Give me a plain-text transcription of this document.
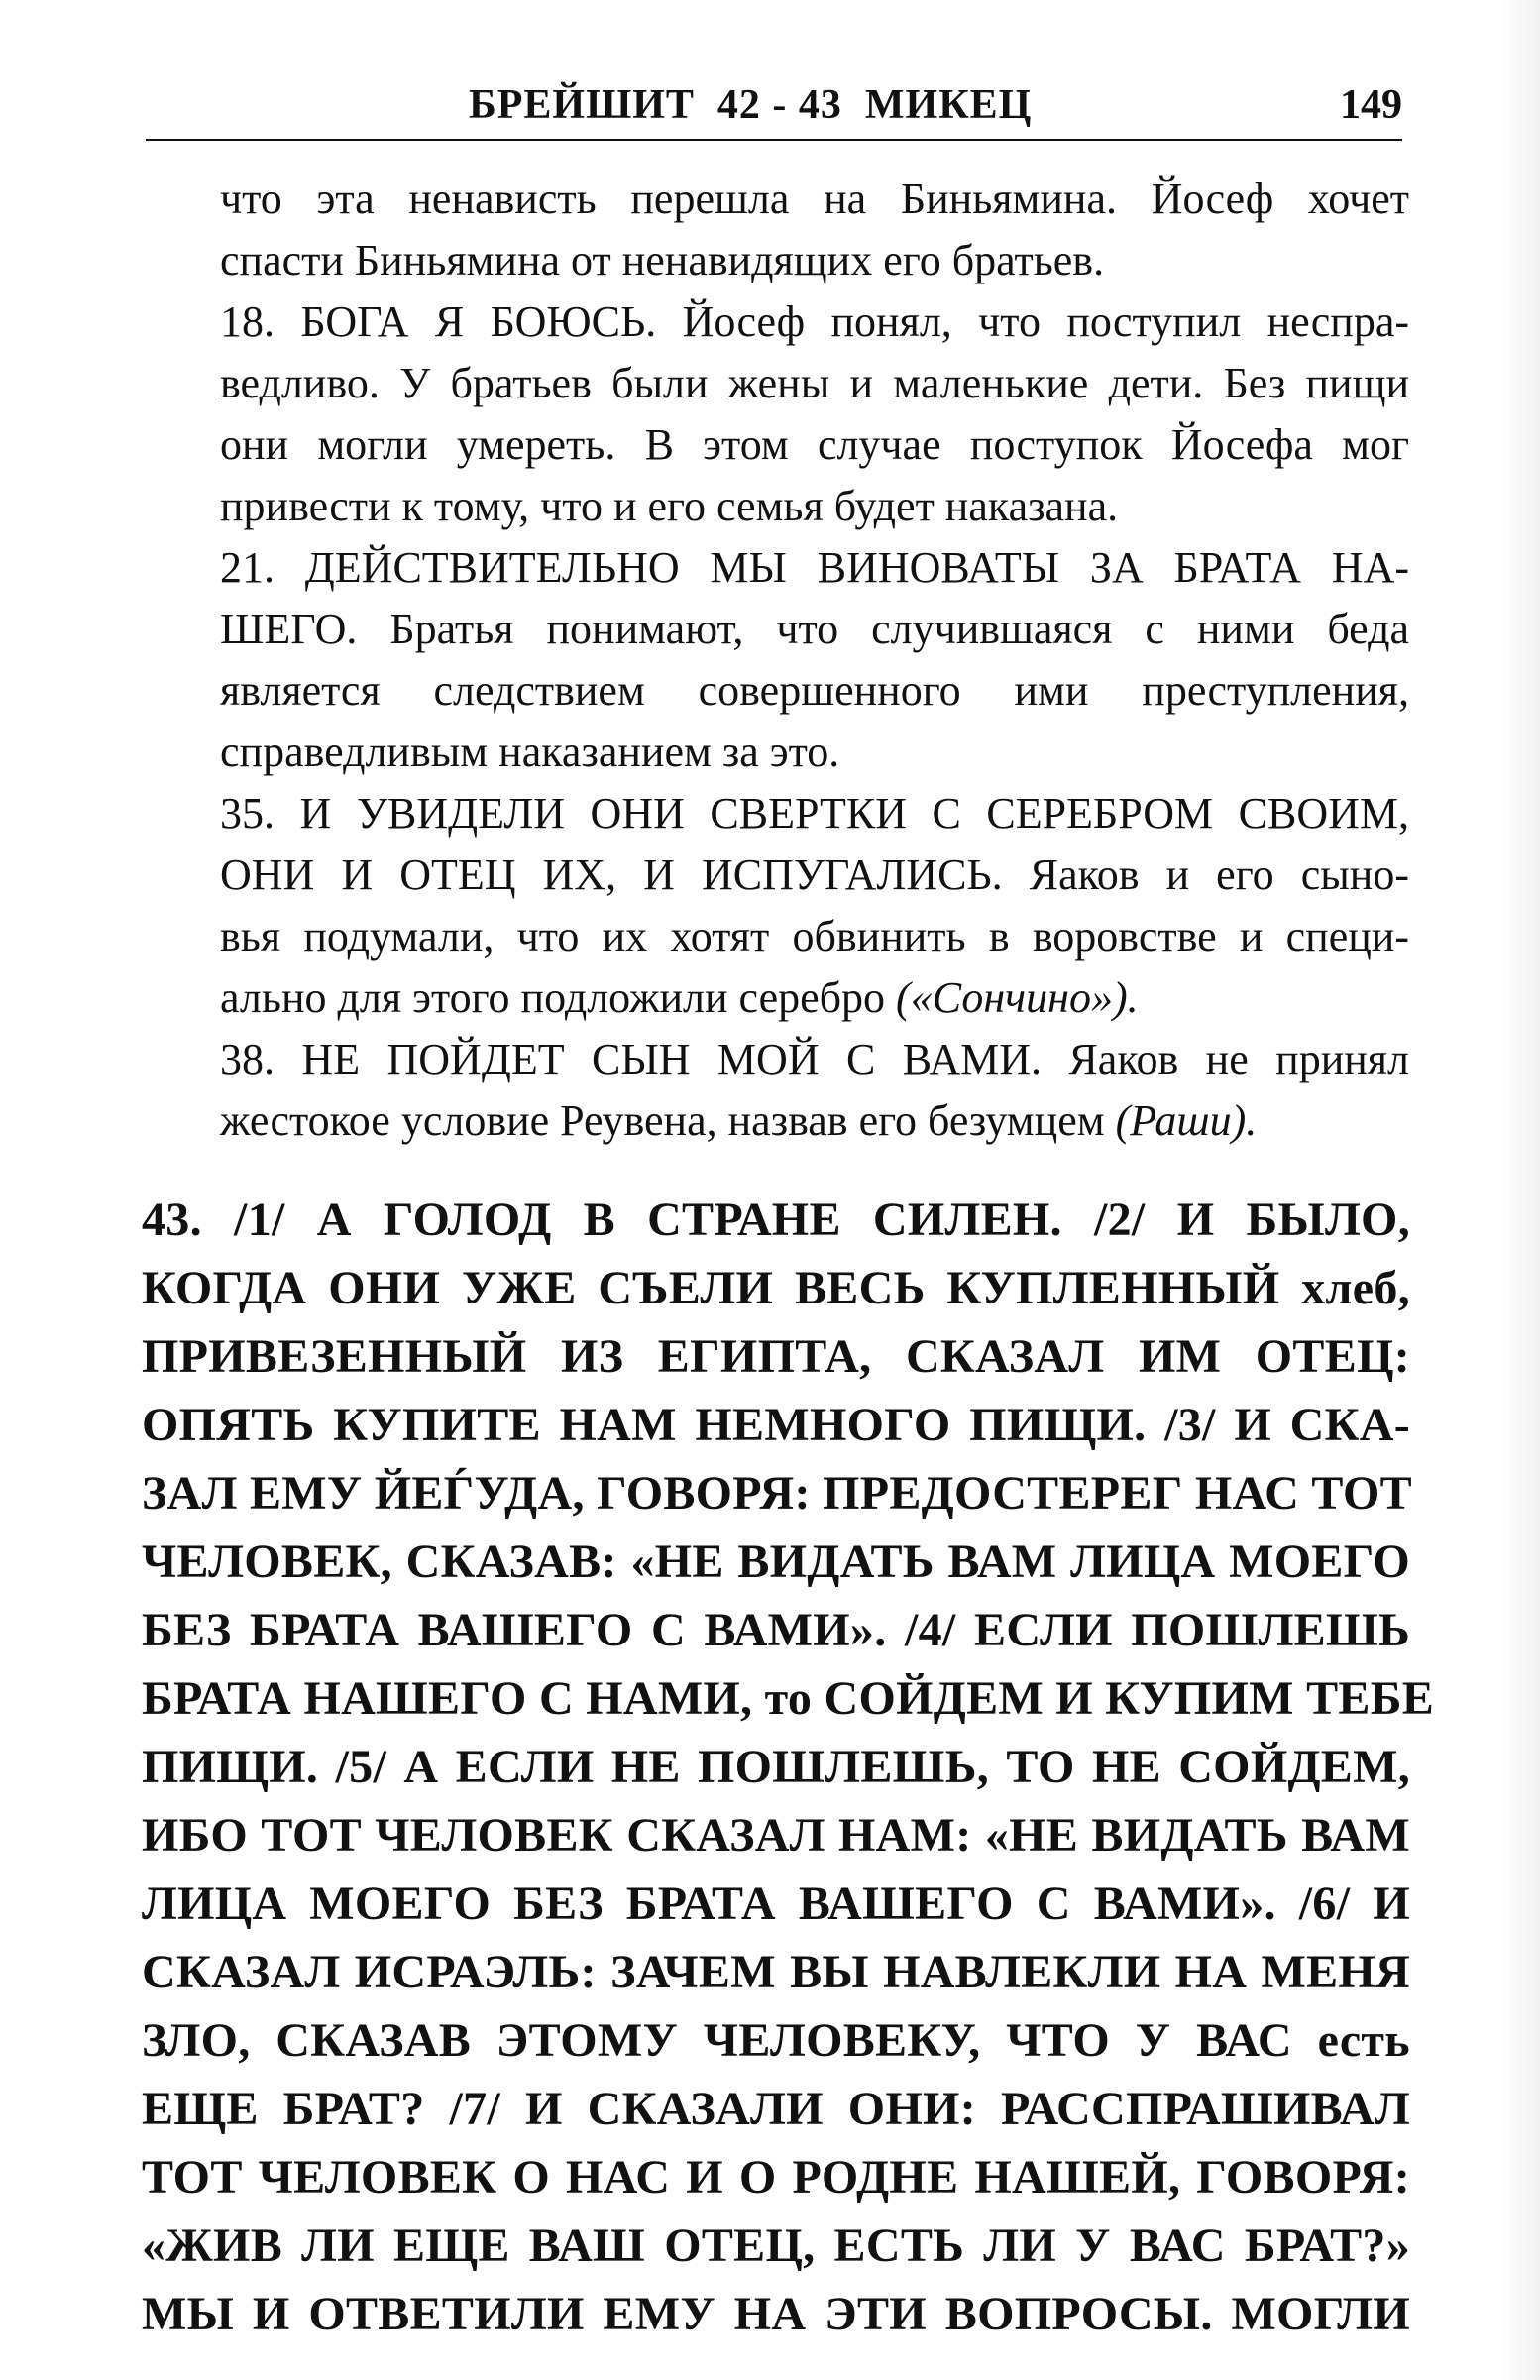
БРЕЙШИТ  42 - 43  МИКЕЦ	149
что эта ненависть перешла на Биньямина. Йосеф хочет
спасти Биньямина от ненавидящих его братьев.
18. БОГА Я БОЮСЬ. Йосеф понял, что поступил неспра-
ведливо. У братьев были жены и маленькие дети. Без пищи
они могли умереть. В этом случае поступок Йосефа мог
привести к тому, что и его семья будет наказана.
21. ДЕЙСТВИТЕЛЬНО МЫ ВИНОВАТЫ ЗА БРАТА НА-
ШЕГО. Братья понимают, что случившаяся с ними беда
является следствием совершенного ими преступления,
справедливым наказанием за это.
35. И УВИДЕЛИ ОНИ СВЕРТКИ С СЕРЕБРОМ СВОИМ,
ОНИ И ОТЕЦ ИХ, И ИСПУГАЛИСЬ. Яаков и его сыно-
вья подумали, что их хотят обвинить в воровстве и специ-
ально для этого подложили серебро («Сончино»).
38. НЕ ПОЙДЕТ СЫН МОЙ С ВАМИ. Яаков не принял
жестокое условие Реувена, назвав его безумцем (Раши).
43. /1/ А ГОЛОД В СТРАНЕ СИЛЕН. /2/ И БЫЛО,
КОГДА ОНИ УЖЕ СЪЕЛИ ВЕСЬ КУПЛЕННЫЙ хлеб,
ПРИВЕЗЕННЫЙ ИЗ ЕГИПТА, СКАЗАЛ ИМ ОТЕЦ:
ОПЯТЬ КУПИТЕ НАМ НЕМНОГО ПИЩИ. /3/ И СКА-
ЗАЛ ЕМУ ЙЕЃУДА, ГОВОРЯ: ПРЕДОСТЕРЕГ НАС ТОТ
ЧЕЛОВЕК, СКАЗАВ: «НЕ ВИДАТЬ ВАМ ЛИЦА МОЕГО
БЕЗ БРАТА ВАШЕГО С ВАМИ». /4/ ЕСЛИ ПОШЛЕШЬ
БРАТА НАШЕГО С НАМИ, то СОЙДЕМ И КУПИМ ТЕБЕ
ПИЩИ. /5/ А ЕСЛИ НЕ ПОШЛЕШЬ, ТО НЕ СОЙДЕМ,
ИБО ТОТ ЧЕЛОВЕК СКАЗАЛ НАМ: «НЕ ВИДАТЬ ВАМ
ЛИЦА МОЕГО БЕЗ БРАТА ВАШЕГО С ВАМИ». /6/ И
СКАЗАЛ ИСРАЭЛЬ: ЗАЧЕМ ВЫ НАВЛЕКЛИ НА МЕНЯ
ЗЛО, СКАЗАВ ЭТОМУ ЧЕЛОВЕКУ, ЧТО У ВАС есть
ЕЩЕ БРАТ? /7/ И СКАЗАЛИ ОНИ: РАССПРАШИВАЛ
ТОТ ЧЕЛОВЕК О НАС И О РОДНЕ НАШЕЙ, ГОВОРЯ:
«ЖИВ ЛИ ЕЩЕ ВАШ ОТЕЦ, ЕСТЬ ЛИ У ВАС БРАТ?»
МЫ И ОТВЕТИЛИ ЕМУ НА ЭТИ ВОПРОСЫ. МОГЛИ
